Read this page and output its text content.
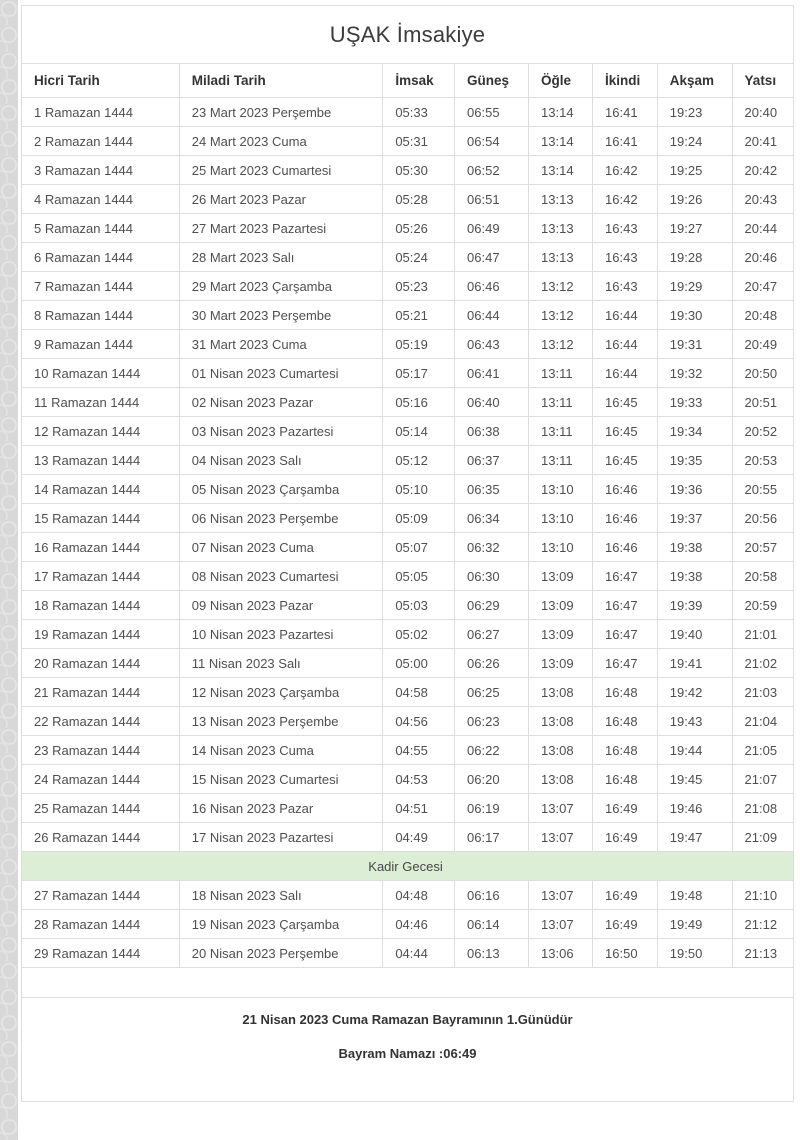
UŞAK İmsakiye
Hicri Tarih	Miladi Tarih	İmsak	Güneş	Öğle	İkindi	Akşam	Yatsı
1 Ramazan 1444	23 Mart 2023 Perşembe	05:33	06:55	13:14	16:41	19:23	20:40
2 Ramazan 1444	24 Mart 2023 Cuma	05:31	06:54	13:14	16:41	19:24	20:41
3 Ramazan 1444	25 Mart 2023 Cumartesi	05:30	06:52	13:14	16:42	19:25	20:42
4 Ramazan 1444	26 Mart 2023 Pazar	05:28	06:51	13:13	16:42	19:26	20:43
5 Ramazan 1444	27 Mart 2023 Pazartesi	05:26	06:49	13:13	16:43	19:27	20:44
6 Ramazan 1444	28 Mart 2023 Salı	05:24	06:47	13:13	16:43	19:28	20:46
7 Ramazan 1444	29 Mart 2023 Çarşamba	05:23	06:46	13:12	16:43	19:29	20:47
8 Ramazan 1444	30 Mart 2023 Perşembe	05:21	06:44	13:12	16:44	19:30	20:48
9 Ramazan 1444	31 Mart 2023 Cuma	05:19	06:43	13:12	16:44	19:31	20:49
10 Ramazan 1444	01 Nisan 2023 Cumartesi	05:17	06:41	13:11	16:44	19:32	20:50
11 Ramazan 1444	02 Nisan 2023 Pazar	05:16	06:40	13:11	16:45	19:33	20:51
12 Ramazan 1444	03 Nisan 2023 Pazartesi	05:14	06:38	13:11	16:45	19:34	20:52
13 Ramazan 1444	04 Nisan 2023 Salı	05:12	06:37	13:11	16:45	19:35	20:53
14 Ramazan 1444	05 Nisan 2023 Çarşamba	05:10	06:35	13:10	16:46	19:36	20:55
15 Ramazan 1444	06 Nisan 2023 Perşembe	05:09	06:34	13:10	16:46	19:37	20:56
16 Ramazan 1444	07 Nisan 2023 Cuma	05:07	06:32	13:10	16:46	19:38	20:57
17 Ramazan 1444	08 Nisan 2023 Cumartesi	05:05	06:30	13:09	16:47	19:38	20:58
18 Ramazan 1444	09 Nisan 2023 Pazar	05:03	06:29	13:09	16:47	19:39	20:59
19 Ramazan 1444	10 Nisan 2023 Pazartesi	05:02	06:27	13:09	16:47	19:40	21:01
20 Ramazan 1444	11 Nisan 2023 Salı	05:00	06:26	13:09	16:47	19:41	21:02
21 Ramazan 1444	12 Nisan 2023 Çarşamba	04:58	06:25	13:08	16:48	19:42	21:03
22 Ramazan 1444	13 Nisan 2023 Perşembe	04:56	06:23	13:08	16:48	19:43	21:04
23 Ramazan 1444	14 Nisan 2023 Cuma	04:55	06:22	13:08	16:48	19:44	21:05
24 Ramazan 1444	15 Nisan 2023 Cumartesi	04:53	06:20	13:08	16:48	19:45	21:07
25 Ramazan 1444	16 Nisan 2023 Pazar	04:51	06:19	13:07	16:49	19:46	21:08
26 Ramazan 1444	17 Nisan 2023 Pazartesi	04:49	06:17	13:07	16:49	19:47	21:09
Kadir Gecesi							
27 Ramazan 1444	18 Nisan 2023 Salı	04:48	06:16	13:07	16:49	19:48	21:10
28 Ramazan 1444	19 Nisan 2023 Çarşamba	04:46	06:14	13:07	16:49	19:49	21:12
29 Ramazan 1444	20 Nisan 2023 Perşembe	04:44	06:13	13:06	16:50	19:50	21:13
21 Nisan 2023 Cuma Ramazan Bayramının 1.Günüdür
Bayram Namazı :06:49
